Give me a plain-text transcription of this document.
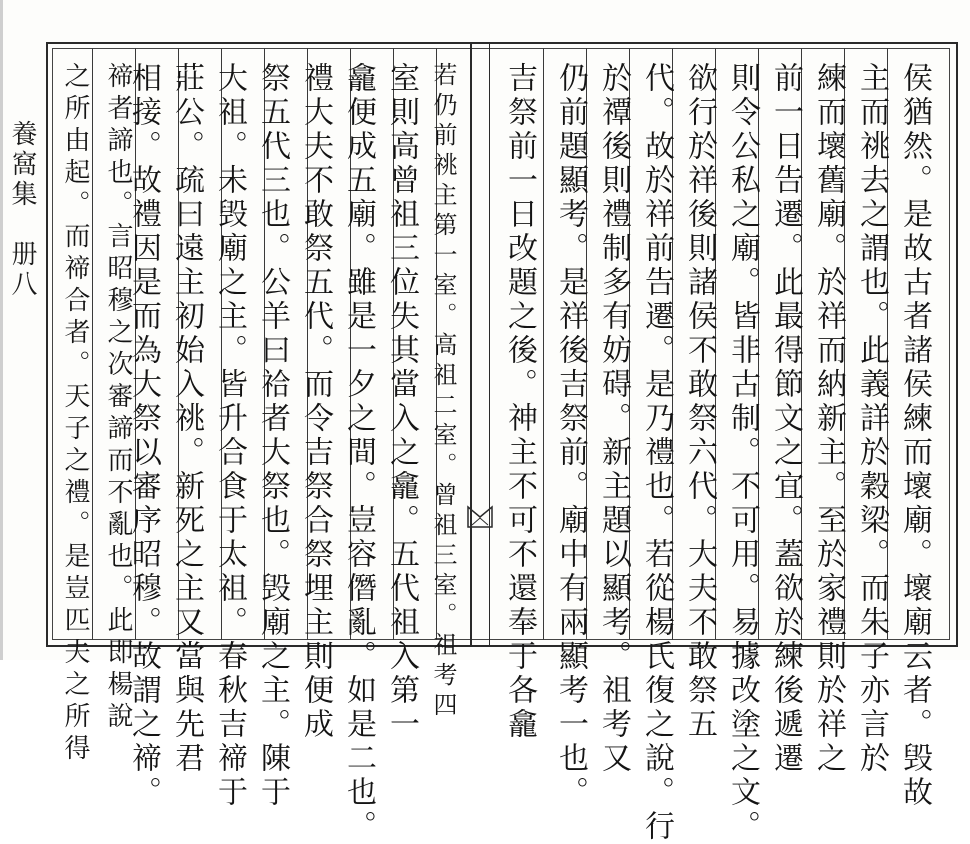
養窩集　册八	侯猶然。是故古者諸侯練而壞廟。壞廟云者。毁故
主而祧去之謂也。此義詳於穀梁。而朱子亦言於
練而壞舊廟。於祥而納新主。至於家禮則於祥之
前一日告遷。此最得節文之宜。蓋欲於練後遞遷
則令公私之廟。皆非古制。不可用。易據改塗之文。
欲行於祥後則諸侯不敢祭六代。大夫不敢祭五
代。故於祥前告遷。是乃禮也。若從楊氏復之說。行
於禫後則禮制多有妨碍。新主題以顯考。祖考又
仍前題顯考。是祥後吉祭前。廟中有兩顯考一也。
吉祭前一日改題之後。神主不可不還奉于各龕
若仍前祧主第一室。高祖二室。曾祖三室。祖考四
室則高曾祖三位失其當入之龕。五代祖入第一
龕便成五廟。雖是一夕之間。豈容僭亂。如是二也。
禮大夫不敢祭五代。而令吉祭合祭埋主則便成
祭五代三也。公羊曰祫者大祭也。毁廟之主。陳于
大祖。未毁廟之主。皆升合食于太祖。春秋吉禘于
莊公。疏曰遠主初始入祧。新死之主又當與先君
相接。故禮因是而為大祭以審序昭穆。故謂之禘。
禘者諦也。言昭穆之次審諦而不亂也。此即楊說
之所由起。而禘合者。天子之禮。是豈匹夫之所得
